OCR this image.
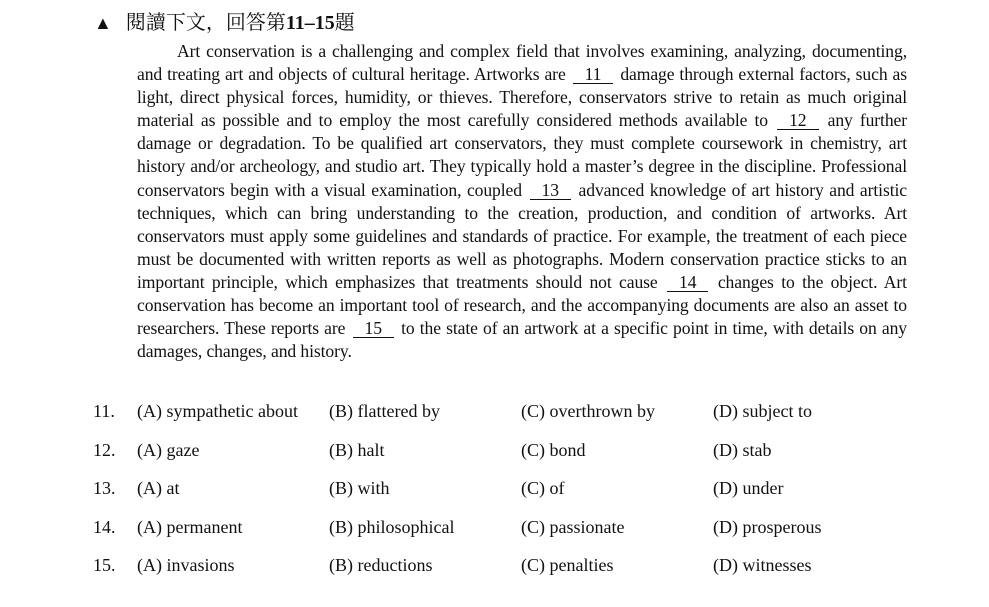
▲ 閱讀下文，回答第11–15題
Art conservation is a challenging and complex field that involves examining, analyzing, documenting, and treating art and objects of cultural heritage. Artworks are 11 damage through external factors, such as light, direct physical forces, humidity, or thieves. Therefore, conservators strive to retain as much original material as possible and to employ the most carefully considered methods available to 12 any further damage or degradation. To be qualified art conservators, they must complete coursework in chemistry, art history and/or archeology, and studio art. They typically hold a master’s degree in the discipline. Professional conservators begin with a visual examination, coupled 13 advanced knowledge of art history and artistic techniques, which can bring understanding to the creation, production, and condition of artworks. Art conservators must apply some guidelines and standards of practice. For example, the treatment of each piece must be documented with written reports as well as photographs. Modern conservation practice sticks to an important principle, which emphasizes that treatments should not cause 14 changes to the object. Art conservation has become an important tool of research, and the accompanying documents are also an asset to researchers. These reports are 15 to the state of an artwork at a specific point in time, with details on any damages, changes, and history.
11.	(A) sympathetic about (B) flattered by	(C) overthrown by	(D) subject to
12.	(A) gaze	(B) halt	(C) bond	(D) stab
13.	(A) at	(B) with	(C) of	(D) under
14.	(A) permanent	(B) philosophical	(C) passionate	(D) prosperous
15.	(A) invasions	(B) reductions	(C) penalties	(D) witnesses
